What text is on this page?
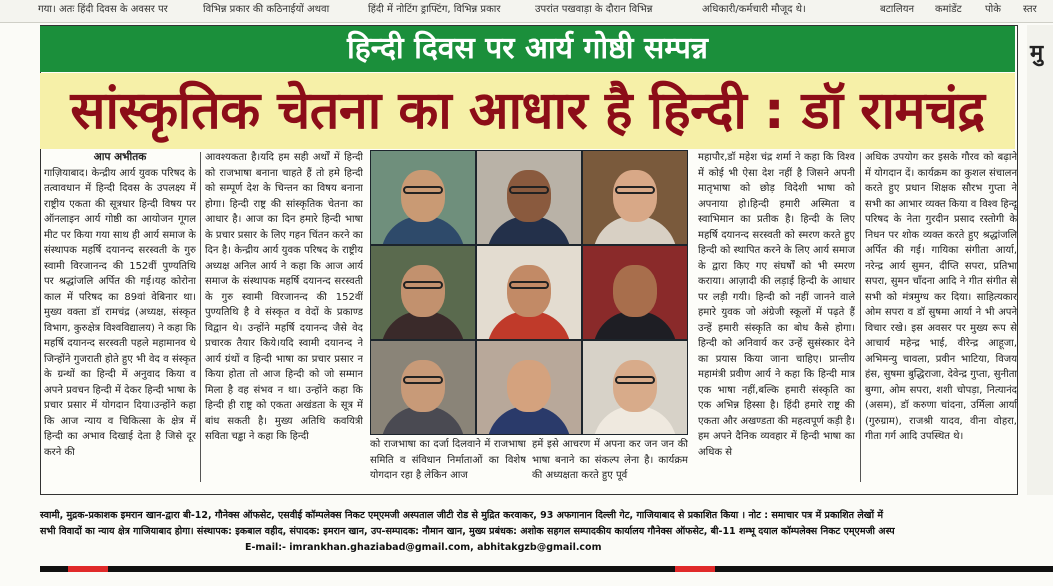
गया। अतः हिंदी दिवस के अवसर पर	विभिन्न प्रकार की कठिनाईयों अथवा	हिंदी में नोटिंग ड्राफ्टिंग, विभिन्न प्रकार	उपरांत पखवाड़ा के दौरान विभिन्न	अधिकारी/कर्मचारी मौजूद थे।	बटालियन कमांडेंट पोके स्तर
हिन्दी दिवस पर आर्य गोष्ठी सम्पन्न
सांस्कृतिक चेतना का आधार है हिन्दी : डॉ रामचंद्र
आप अभीतक
गाज़ियाबाद। केन्द्रीय आर्य युवक परिषद के तत्वावधान में हिन्दी दिवस के उपलक्ष्य में राष्ट्रीय एकता की सूत्रधार हिन्दी विषय पर ऑनलाइन आर्य गोष्ठी का आयोजन गूगल मीट पर किया गया साथ ही आर्य समाज के संस्थापक महर्षि दयानन्द सरस्वती के गुरु स्वामी विरजानन्द की 152वीं पुण्यतिथि पर श्रद्धांजलि अर्पित की गई।यह कोरोना काल में परिषद का 89वां वेबिनार था। मुख्य वक्ता डॉ रामचंद्र (अध्यक्ष, संस्कृत विभाग, कुरुक्षेत्र विश्वविद्यालय) ने कहा कि महर्षि दयानन्द सरस्वती पहले महामानव थे जिन्होंने गुजराती होते हुए भी वेद व संस्कृत के ग्रन्थों का हिन्दी में अनुवाद किया व अपने प्रवचन हिन्दी में देकर हिन्दी भाषा के प्रचार प्रसार में योगदान दिया।उन्होंने कहा कि आज न्याय व चिकित्सा के क्षेत्र में हिन्दी का अभाव दिखाई देता है जिसे दूर करने की
आवश्यकता है।यदि हम सही अर्थों में हिन्दी को राजभाषा बनाना चाहते हैं तो हमे हिन्दी को सम्पूर्ण देश के चिन्तन का विषय बनाना होगा। हिन्दी राष्ट्र की सांस्कृतिक चेतना का आधार है। आज का दिन हमारे हिन्दी भाषा के प्रचार प्रसार के लिए गहन चिंतन करने का दिन है। केन्द्रीय आर्य युवक परिषद के राष्ट्रीय अध्यक्ष अनिल आर्य ने कहा कि आज आर्य समाज के संस्थापक महर्षि दयानन्द सरस्वती के गुरु स्वामी विरजानन्द की 152वीं पुण्यतिथि है वे संस्कृत व वेदों के प्रकाण्ड विद्वान थे। उन्होंने महर्षि दयानन्द जैसे वेद प्रचारक तैयार किये।यदि स्वामी दयानन्द ने आर्य ग्रंथों व हिन्दी भाषा का प्रचार प्रसार न किया होता तो आज हिन्दी को जो सम्मान मिला है वह संभव न था। उन्होंने कहा कि हिन्दी ही राष्ट्र को एकता अखंडता के सूत्र में बांध सकती है। मुख्य अतिथि कवयित्री सविता चड्ढा ने कहा कि हिन्दी
को राजभाषा का दर्जा दिलवाने में राजभाषा समिति व संविधान निर्माताओं का विशेष योगदान रहा है लेकिन आज
हमें इसे आचरण में अपना कर जन जन की भाषा बनाने का संकल्प लेना है। कार्यक्रम की अध्यक्षता करते हुए पूर्व
महापौर,डॉ महेश चंद्र शर्मा ने कहा कि विश्व में कोई भी ऐसा देश नहीं है जिसने अपनी मातृभाषा को छोड़ विदेशी भाषा को अपनाया हो।हिन्दी हमारी अस्मिता व स्वाभिमान का प्रतीक है। हिन्दी के लिए महर्षि दयानन्द सरस्वती को स्मरण करते हुए हिन्दी को स्थापित करने के लिए आर्य समाज के द्वारा किए गए संघर्षों को भी स्मरण कराया। आज़ादी की लड़ाई हिन्दी के आधार पर लड़ी गयी। हिन्दी को नहीं जानने वाले हमारे युवक जो अंग्रेजी स्कूलों में पढ़ते हैं उन्हें हमारी संस्कृति का बोध कैसे होगा। हिन्दी को अनिवार्य कर उन्हें सुसंस्कार देने का प्रयास किया जाना चाहिए। प्रान्तीय महामंत्री प्रवीण आर्य ने कहा कि हिन्दी मात्र एक भाषा नहीं,बल्कि हमारी संस्कृति का एक अभिन्न हिस्सा है। हिंदी हमारे राष्ट्र की एकता और अखण्डता की महत्वपूर्ण कड़ी है। हम अपने दैनिक व्यवहार में हिन्दी भाषा का अधिक से
अधिक उपयोग कर इसके गौरव को बढ़ाने में योगदान दें। कार्यक्रम का कुशल संचालन करते हुए प्रधान शिक्षक सौरभ गुप्ता ने सभी का आभार व्यक्त किया व विश्व हिन्दू परिषद के नेता गुरदीन प्रसाद रस्तोगी के निधन पर शोक व्यक्त करते हुए श्रद्धांजलि अर्पित की गई। गायिका संगीता आर्या, नरेन्द्र आर्य सुमन, दीप्ति सपरा, प्रतिभा सपरा, सुमन चाँदना आदि ने गीत संगीत से सभी को मंत्रमुग्ध कर दिया। साहित्यकार ओम सपरा व डॉ सुषमा आर्या ने भी अपने विचार रखे। इस अवसर पर मुख्य रूप से आचार्य महेन्द्र भाई, वीरेन्द्र आहूजा, अभिमन्यु चावला, प्रवीन भाटिया, विजय हंस, सुषमा बुद्धिराजा, देवेन्द्र गुप्ता, सुनीता बुग्गा, ओम सपरा, शशी चोपड़ा, नित्यानंद (असम), डॉ करुणा चांदना, उर्मिला आर्या (गुरुग्राम), राजश्री यादव, वीना वोहरा, गीता गर्ग आदि उपस्थित थे।
मु
स्वामी, मुद्रक-प्रकाशक इमरान खान-द्वारा बी-12, गौनेक्स ऑफसेट, एसवीई कॉम्पलेक्स निकट एम्एमजी अस्पताल जीटी रोड से मुद्रित करवाकर, 93 अफगानान दिल्ली गेट, गाजियाबाद से प्रकाशित किया । नोट : समाचार पत्र में प्रकाशित लेखों में
सभी विवादों का न्याय क्षेत्र गाजियाबाद होगा। संस्थापक: इकबाल वहीद, संपादक: इमरान खान, उप-सम्पादक: नौमान खान, मुख्य प्रबंधक: अशोक सहगल सम्पादकीय कार्यालय गौनेक्स ऑफसेट, बी-11 शम्भू दयाल कॉम्पलेक्स निकट एम्एमजी अस्प
E-mail:- imrankhan.ghaziabad@gmail.com, abhitakgzb@gmail.com
